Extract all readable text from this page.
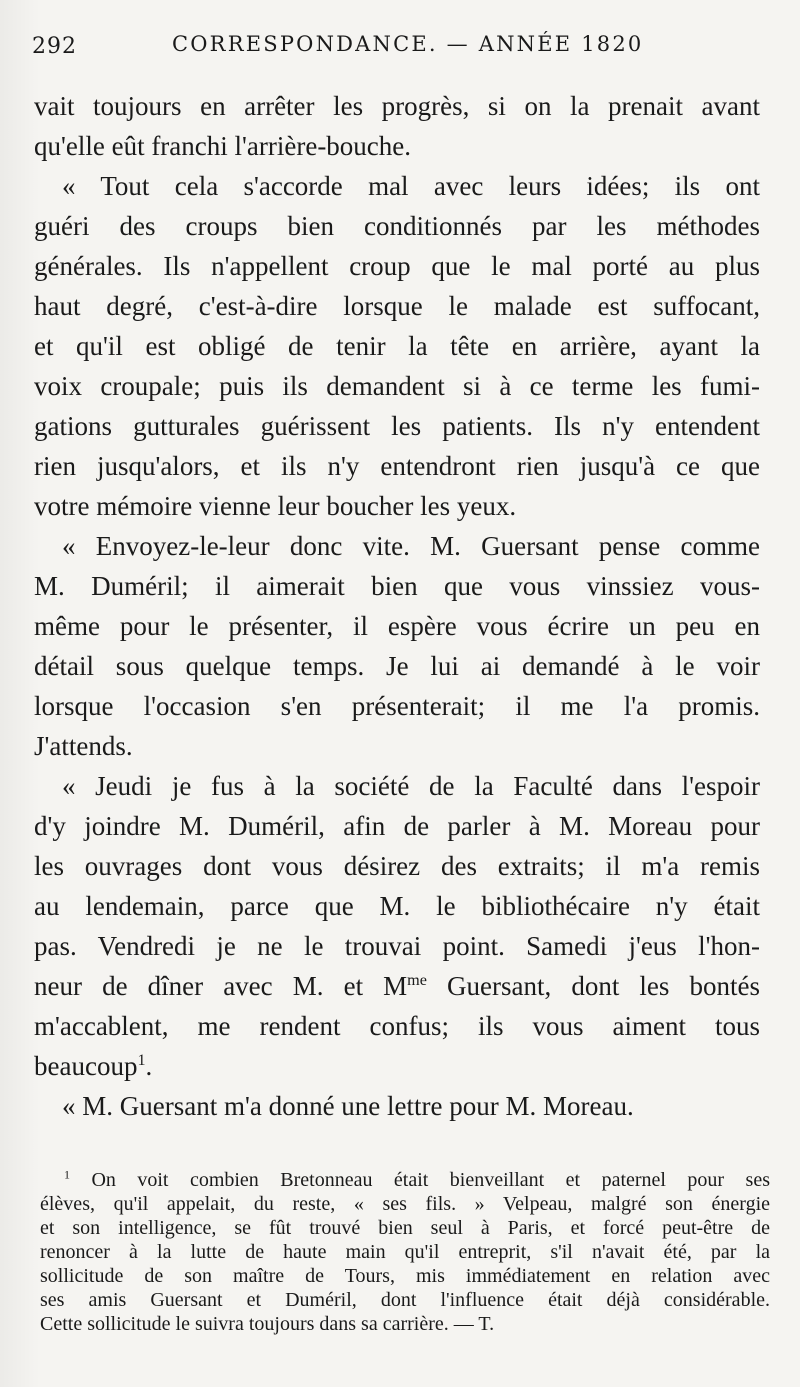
292	CORRESPONDANCE. — ANNÉE 1820
vait toujours en arrêter les progrès, si on la prenait avant
qu'elle eût franchi l'arrière-bouche.
« Tout cela s'accorde mal avec leurs idées; ils ont
guéri des croups bien conditionnés par les méthodes
générales. Ils n'appellent croup que le mal porté au plus
haut degré, c'est-à-dire lorsque le malade est suffocant,
et qu'il est obligé de tenir la tête en arrière, ayant la
voix croupale; puis ils demandent si à ce terme les fumi-
gations gutturales guérissent les patients. Ils n'y entendent
rien jusqu'alors, et ils n'y entendront rien jusqu'à ce que
votre mémoire vienne leur boucher les yeux.
« Envoyez-le-leur donc vite. M. Guersant pense comme
M. Duméril; il aimerait bien que vous vinssiez vous-
même pour le présenter, il espère vous écrire un peu en
détail sous quelque temps. Je lui ai demandé à le voir
lorsque l'occasion s'en présenterait; il me l'a promis.
J'attends.
« Jeudi je fus à la société de la Faculté dans l'espoir
d'y joindre M. Duméril, afin de parler à M. Moreau pour
les ouvrages dont vous désirez des extraits; il m'a remis
au lendemain, parce que M. le bibliothécaire n'y était
pas. Vendredi je ne le trouvai point. Samedi j'eus l'hon-
neur de dîner avec M. et $M^{me}$ Guersant, dont les bontés
m'accablent, me rendent confus; ils vous aiment tous
beaucoup$^1$.
« M. Guersant m'a donné une lettre pour M. Moreau.
$^1$ On voit combien Bretonneau était bienveillant et paternel pour ses
élèves, qu'il appelait, du reste, « ses fils. » Velpeau, malgré son énergie
et son intelligence, se fût trouvé bien seul à Paris, et forcé peut-être de
renoncer à la lutte de haute main qu'il entreprit, s'il n'avait été, par la
sollicitude de son maître de Tours, mis immédiatement en relation avec
ses amis Guersant et Duméril, dont l'influence était déjà considérable.
Cette sollicitude le suivra toujours dans sa carrière. — T.
